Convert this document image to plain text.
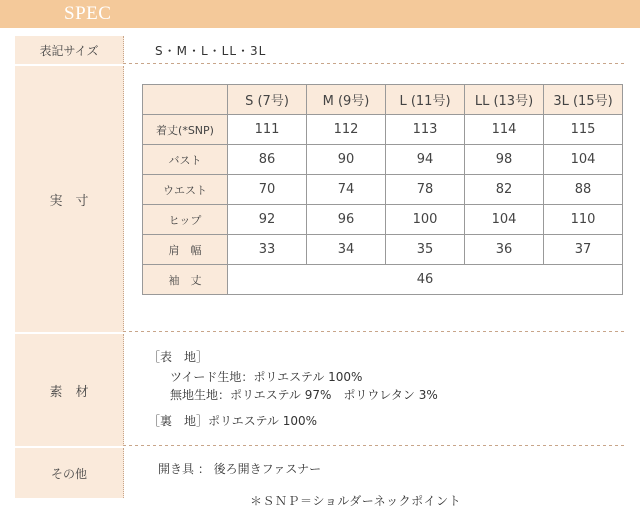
SPEC
表記サイズ	S・M・L・LL・3L
実　寸
	S (7号)	M (9号)	L (11号)	LL (13号)	3L (15号)
着丈(*SNP)	111	112	113	114	115
バスト	86	90	94	98	104
ウエスト	70	74	78	82	88
ヒップ	92	96	100	104	110
肩　幅	33	34	35	36	37
袖　丈	46				
素　材
［表　地］
ツイード生地：ポリエステル 100%
無地生地：ポリエステル 97%　ポリウレタン 3%
［裏　地］ポリエステル 100%
その他	開き具 ： 後ろ開きファスナー
＊ＳＮＰ＝ショルダーネックポイント
